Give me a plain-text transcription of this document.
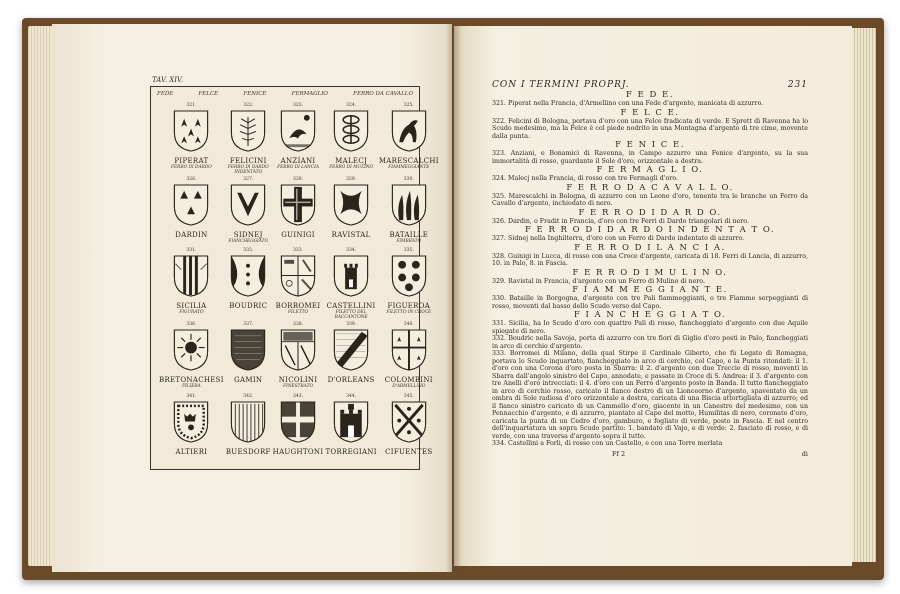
TAV. XIV.
FEDE	FELCE	FENICE	FERMAGLIO	FERRO DA CAVALLO
321.
PIPERAT
FERRO DI DARDO
322.
FELICINI
FERRO DI DARDO INDENTATO
323.
ANZIANI
FERRO DI LANCIA
324.
MALECJ
FERRO DI MULINO
325.
MARESCALCHI
FIAMMEGGIANTE
326.
DARDIN
327.
SIDNEJ
FIANCHEGGIATO
328.
GUINIGI
329.
RAVISTAL
330.
BATAILLE
FIMBRATO
331.
SICILIA
FIGURATO
332.
BOUDRIC
333.
BORROMEI
FILETTO
334.
CASTELLINI
FILETTO DEL RACCANTONE
335.
FIGUEROA
FILETTO IN CROCE
336.
BRETONACHESI
FILIERA
337.
GAMIN
338.
NICOLINI
FINESTRATO
339.
D'ORLEANS
340.
COLOMBINI
D'ARMELLINO
341.
ALTIERI
342.
BUESDORF
343.
HAUGHTONI
344.
TORREGIANI
345.
CIFUENTES
CON I TERMINI PROPRJ.	231
F E D E.
321. Piperat nella Francia, d'Armellino con una Fede d'argento, manicata di azzurro.
F E L C E.
322. Felicini di Bologna, portava d'oro con una Felce fradicata di verde. E Sprett di Ravenna ha lo Scudo medesimo, ma la Felce è col piede nodrito in una Montagna d'argento di tre cime, movente dalla punta.
F E N I C E.
323. Anziani, e Bonamici di Ravenna, in Campo azzurro una Fenice d'argento, su la sua immortalità di rosso, guardante il Sole d'oro, orizzontale a destra.
F E R M A G L I O.
324. Malecj nella Francia, di rosso con tre Fermagli d'oro.
F E R R O D A C A V A L L O.
325. Marescalchi in Bologna, di azzurro con un Leone d'oro, tenente tra le branche un Ferro da Cavallo d'argento, inchiodato di nero.
F E R R O D I D A R D O.
326. Dardin, o Fradit in Francia, d'oro con tre Ferri di Dardo triangolari di nero.
F E R R O D I D A R D O I N D E N T A T O.
327. Sidnej nella Inghilterra, d'oro con un Ferro di Dardo indentato di azzurro.
F E R R O D I L A N C I A.
328. Guinigi in Lucca, di rosso con una Croce d'argento, caricata di 18. Ferri di Lancia, di azzurro, 10. in Palo, 8. in Fascia.
F E R R O D I M U L I N O.
329. Ravistal in Francia, d'argento con un Ferro di Mulino di nero.
F I A M M E G G I A N T E.
330. Bataille in Borgogna, d'argento con tre Pali fiammeggianti, o tre Fiamme serpeggianti di rosso, moventi dal basso dello Scudo verso del Capo.
F I A N C H E G G I A T O.
331. Sicilia, ha lo Scudo d'oro con quattro Pali di rosso, fiancheggiato d'argento con due Aquile spiegate di nero.
332. Boudric nella Savoja, porta di azzurro con tre fiori di Giglio d'oro posti in Palo, fiancheggiati in arco di cerchio d'argento.
333. Borromei di Milano, della qual Stirpe il Cardinale Giberto, che fù Legato di Romagna, portava lo Scudo inquartato, fiancheggiato in arco di cerchio, col Capo, e la Punta ritondati: il 1. d'oro con una Corona d'oro posta in Sbarra: il 2. d'argento con due Treccie di rosso, moventi in Sbarra dall'angolo sinistro del Capo, annodate, e passate in Croce di S. Andrea: il 3. d'argento con tre Anelli d'oro intrecciati: il 4. d'oro con un Ferro d'argento posto in Banda. Il tutto fiancheggiato in arco di cerchio rosso, caricato il fianco destro di un Lionceorno d'argento, spaventato da un ombra di Sole radiosa d'oro orizzontale a destra, caricata di una Biscia attortigliata di azzurro; ed il fianco sinistro caricato di un Cammello d'oro, giacente in un Canestro del medesimo, con un Pennacchio d'argento, e di azzurro, piantato al Capo del motto, Humilitas di nero, coronato d'oro, caricata la punta di un Cedro d'oro, gamburo, e fogliato di verde, posto in Fascia. E nel centro dell'inquartatura un sopra Scudo partito: 1. bandato di Vajo, e di verde: 2. fasciato di rosso, e di verde, con una traversa d'argento sopra il tutto.
334. Castellini a Forli, di rosso con un Castello, e con una Torre merlata
Ff 2	di
